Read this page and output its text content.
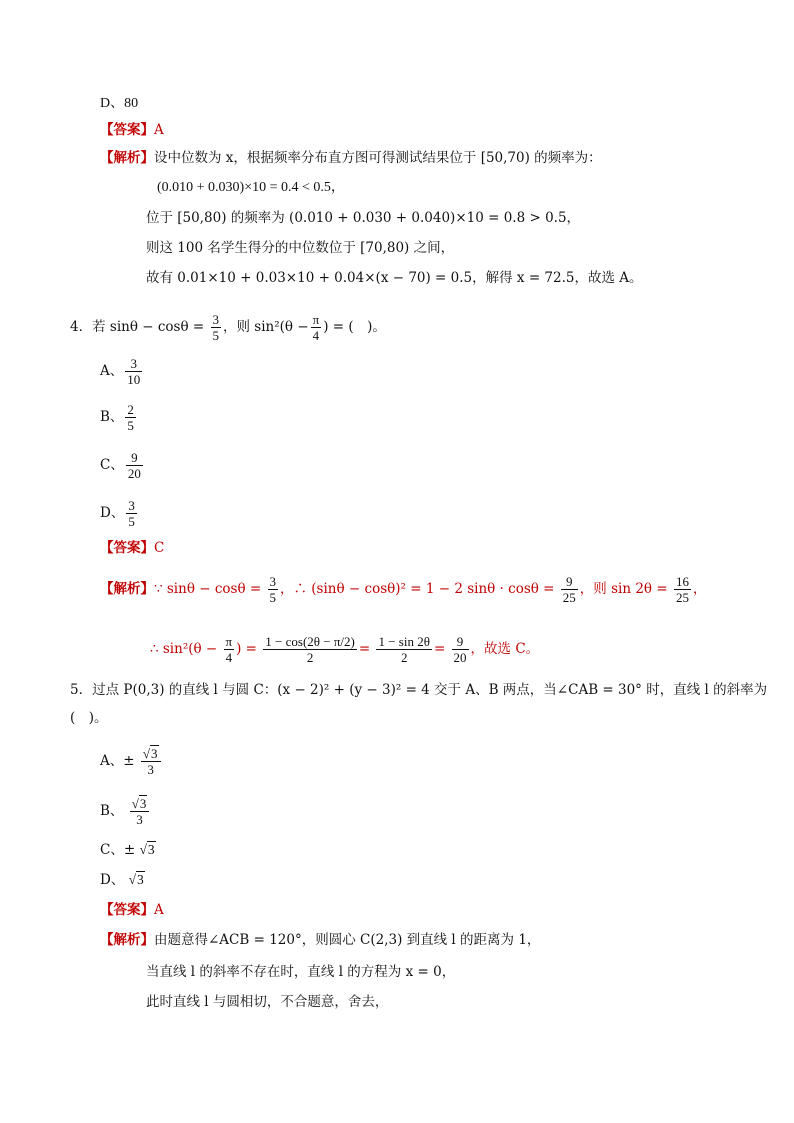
D、80
【答案】A
【解析】设中位数为 x，根据频率分布直方图可得测试结果位于 [50,70) 的频率为：
(0.010 + 0.030)×10 = 0.4 < 0.5，
位于 [50,80) 的频率为 (0.010 + 0.030 + 0.040)×10 = 0.8 > 0.5，
则这 100 名学生得分的中位数位于 [70,80) 之间，
故有 0.01×10 + 0.03×10 + 0.04×(x − 70) = 0.5，解得 x = 72.5，故选 A。
4．若 $\sin\theta - \cos\theta = \frac{3}{5}$ ，则 $\sin^2(\theta - \frac{\pi}{4}$ ) = (　)。
A、 $\frac{3}{10}$
B、 $\frac{2}{5}$
C、 $\frac{9}{20}$
D、 $\frac{3}{5}$
【答案】C
【解析】∵ $\sin\theta - \cos\theta = \frac{3}{5}$ ，∴ (sinθ − cosθ)² = 1 − 2 $\sin\theta \cdot \cos\theta = \frac{9}{25}$ ，则 $\sin 2\theta = \frac{16}{25}$ ，
∴ $\sin^2(\theta - \frac{\pi}{4}$ ) = $\frac{1 - \cos(2\theta - \pi/2)}{2} = \frac{1 - \sin 2\theta}{2} = \frac{9}{20}$ ，故选 C。
5．过点 P(0,3) 的直线 l 与圆 C：(x − 2)² + (y − 3)² = 4 交于 A、B 两点，当∠CAB = 30° 时，直线 l 的斜率为
(　)。
A、± $\frac{√3}{3}$
B、 $\frac{√3}{3}$
C、± √3
D、 √3
【答案】A
【解析】由题意得∠ACB = 120°，则圆心 C(2,3) 到直线 l 的距离为 1，
当直线 l 的斜率不存在时，直线 l 的方程为 x = 0，
此时直线 l 与圆相切，不合题意，舍去，
